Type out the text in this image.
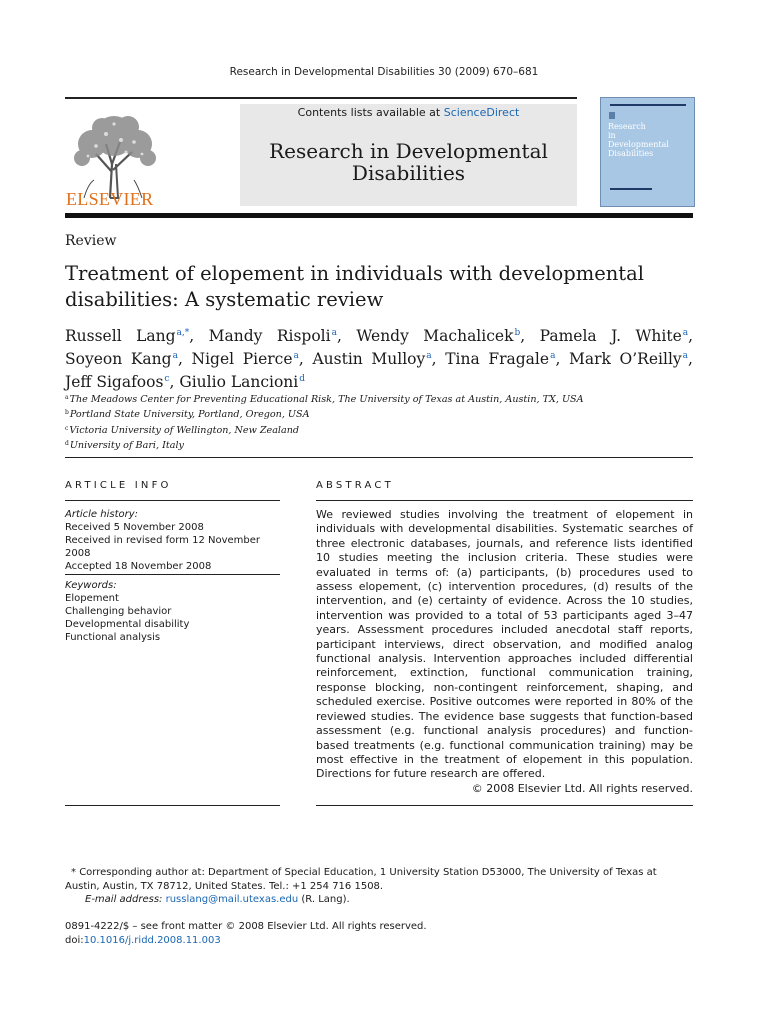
Research in Developmental Disabilities 30 (2009) 670–681
ELSEVIER
Contents lists available at ScienceDirect
Research in Developmental
Disabilities
Research
in
Developmental
Disabilities
Review
Treatment of elopement in individuals with developmental
disabilities: A systematic review
Russell Lang$^{a,*}$, Mandy Rispoli$^a$, Wendy Machalicek$^b$, Pamela J. White$^a$,
Soyeon Kang$^a$, Nigel Pierce$^a$, Austin Mulloy$^a$, Tina Fragale$^a$, Mark O’Reilly$^a$,
Jeff Sigafoos$^c$, Giulio Lancioni$^d$
$^a$The Meadows Center for Preventing Educational Risk, The University of Texas at Austin, Austin, TX, USA
$^b$Portland State University, Portland, Oregon, USA
$^c$Victoria University of Wellington, New Zealand
$^d$University of Bari, Italy
ARTICLE INFO
Article history:
Received 5 November 2008
Received in revised form 12 November 2008
Accepted 18 November 2008
Keywords:
Elopement
Challenging behavior
Developmental disability
Functional analysis
ABSTRACT
We reviewed studies involving the treatment of elopement in individuals with developmental disabilities. Systematic searches of three electronic databases, journals, and reference lists identified 10 studies meeting the inclusion criteria. These studies were evaluated in terms of: (a) participants, (b) procedures used to assess elopement, (c) intervention procedures, (d) results of the intervention, and (e) certainty of evidence. Across the 10 studies, intervention was provided to a total of 53 participants aged 3–47 years. Assessment procedures included anecdotal staff reports, participant interviews, direct observation, and modified analog functional analysis. Intervention approaches included differential reinforcement, extinction, functional communication training, response blocking, non-contingent reinforcement, shaping, and scheduled exercise. Positive outcomes were reported in 80% of the reviewed studies. The evidence base suggests that function-based assessment (e.g. functional analysis procedures) and function-based treatments (e.g. functional communication training) may be most effective in the treatment of elopement in this population. Directions for future research are offered.
© 2008 Elsevier Ltd. All rights reserved.
* Corresponding author at: Department of Special Education, 1 University Station D53000, The University of Texas at Austin, Austin, TX 78712, United States. Tel.: +1 254 716 1508.
E-mail address: russlang@mail.utexas.edu (R. Lang).
0891-4222/$ – see front matter © 2008 Elsevier Ltd. All rights reserved.
doi:10.1016/j.ridd.2008.11.003
